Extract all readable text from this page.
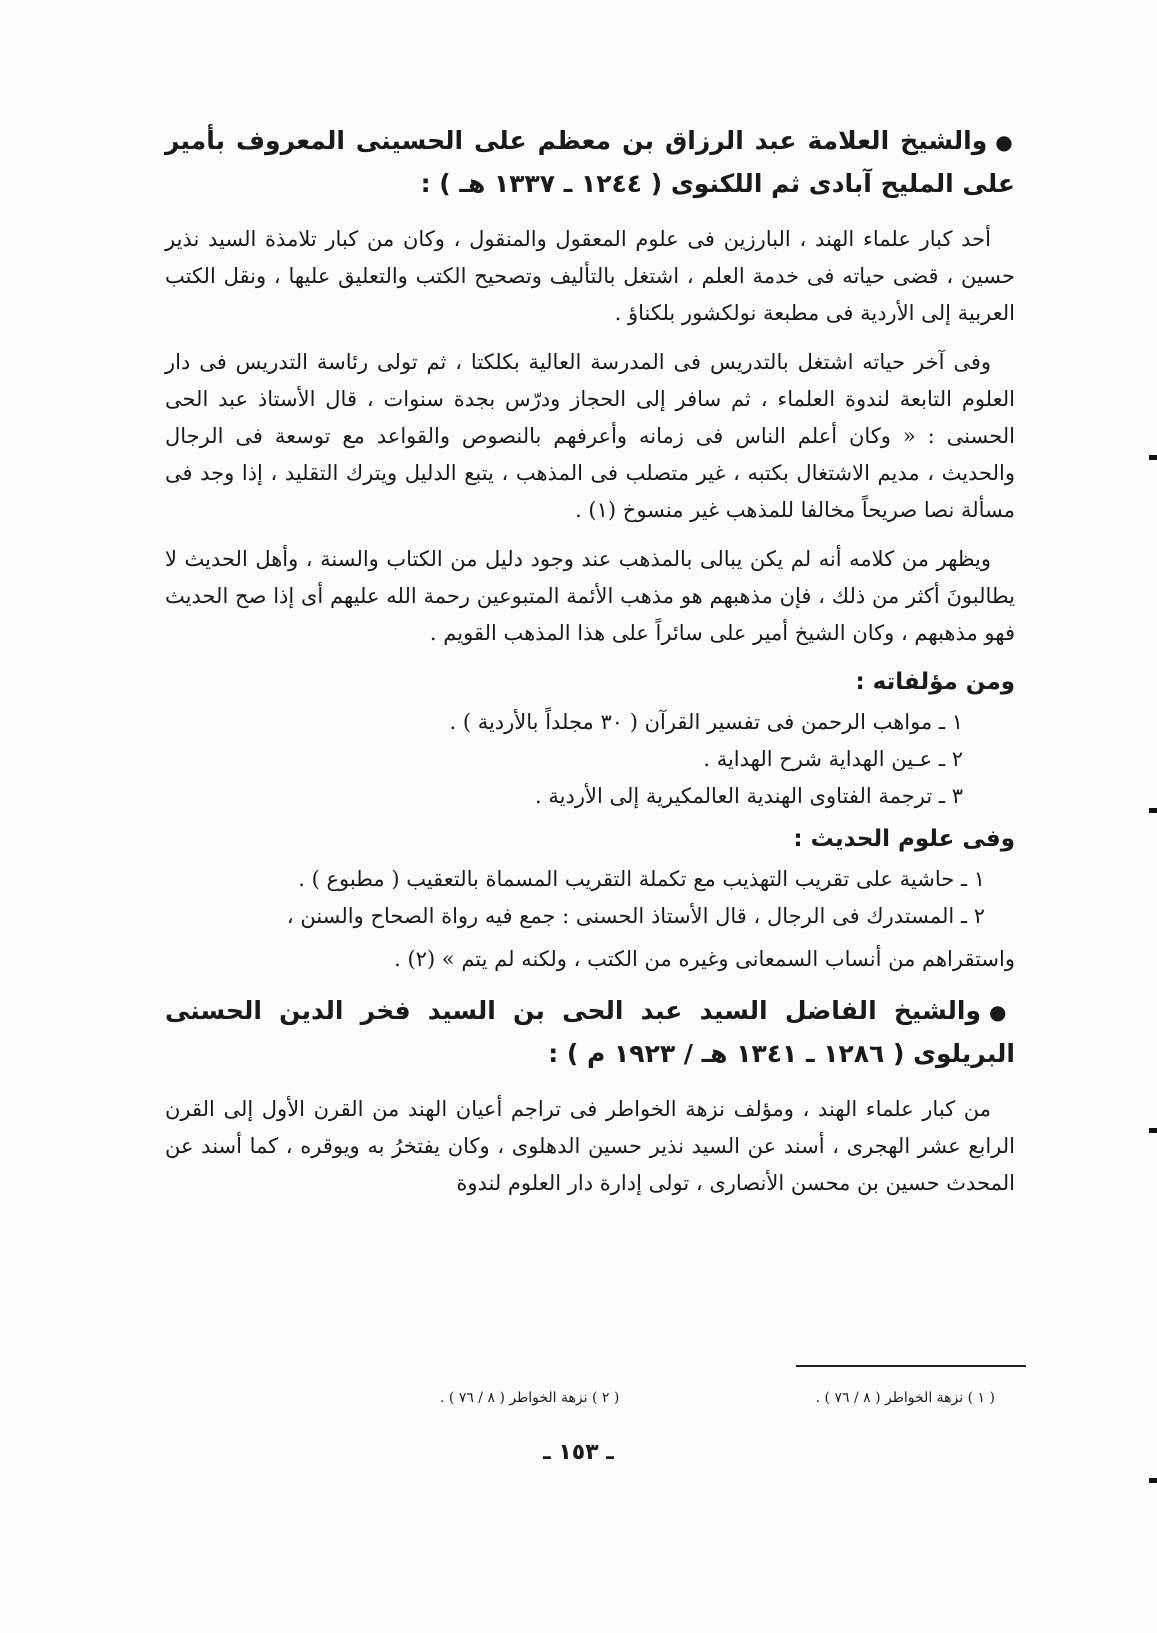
●والشيخ العلامة عبد الرزاق بن معظم على الحسينى المعروف بأمير على المليح آبادى ثم اللكنوى ( ١٢٤٤ ـ ١٣٣٧ هـ ) :

أحد كبار علماء الهند ، البارزين فى علوم المعقول والمنقول ، وكان من كبار تلامذة السيد نذير حسين ، قضى حياته فى خدمة العلم ، اشتغل بالتأليف وتصحيح الكتب والتعليق عليها ، ونقل الكتب العربية إلى الأردية فى مطبعة نولكشور بلكناؤ .

وفى آخر حياته اشتغل بالتدريس فى المدرسة العالية بكلكتا ، ثم تولى رئاسة التدريس فى دار العلوم التابعة لندوة العلماء ، ثم سافر إلى الحجاز ودرّس بجدة سنوات ، قال الأستاذ عبد الحى الحسنى : « وكان أعلم الناس فى زمانه وأعرفهم بالنصوص والقواعد مع توسعة فى الرجال والحديث ، مديم الاشتغال بكتبه ، غير متصلب فى المذهب ، يتبع الدليل ويترك التقليد ، إذا وجد فى مسألة نصا صريحاً مخالفا للمذهب غير منسوخ (١) .

ويظهر من كلامه أنه لم يكن يبالى بالمذهب عند وجود دليل من الكتاب والسنة ، وأهل الحديث لا يطالبونَ أكثر من ذلك ، فإن مذهبهم هو مذهب الأئمة المتبوعين رحمة الله عليهم أى إذا صح الحديث فهو مذهبهم ، وكان الشيخ أمير على سائراً على هذا المذهب القويم .

ومن مؤلفاته :
١ ـ مواهب الرحمن فى تفسير القرآن ( ٣٠ مجلداً بالأردية ) .
٢ ـ عـين الهداية شرح الهداية .
٣ ـ ترجمة الفتاوى الهندية العالمكيرية إلى الأردية .
وفى علوم الحديث :
١ ـ حاشية على تقريب التهذيب مع تكملة التقريب المسماة بالتعقيب ( مطبوع ) .
٢ ـ المستدرك فى الرجال ، قال الأستاذ الحسنى : جمع فيه رواة الصحاح والسنن ،
واستقراهم من أنساب السمعانى وغيره من الكتب ، ولكنه لم يتم » (٢) .
●والشيخ الفاضل السيد عبد الحى بن السيد فخر الدين الحسنى البريلوى ( ١٢٨٦ ـ ١٣٤١ هـ / ١٩٢٣ م ) :

من كبار علماء الهند ، ومؤلف نزهة الخواطر فى تراجم أعيان الهند من القرن الأول إلى القرن الرابع عشر الهجرى ، أسند عن السيد نذير حسين الدهلوى ، وكان يفتخرُ به ويوقره ، كما أسند عن المحدث حسين بن محسن الأنصارى ، تولى إدارة دار العلوم لندوة

( ١ ) نزهة الخواطر ( ٨ / ٧٦ ) .
( ٢ ) نزهة الخواطر ( ٨ / ٧٦ ) .
ـ ١٥٣ ـ
